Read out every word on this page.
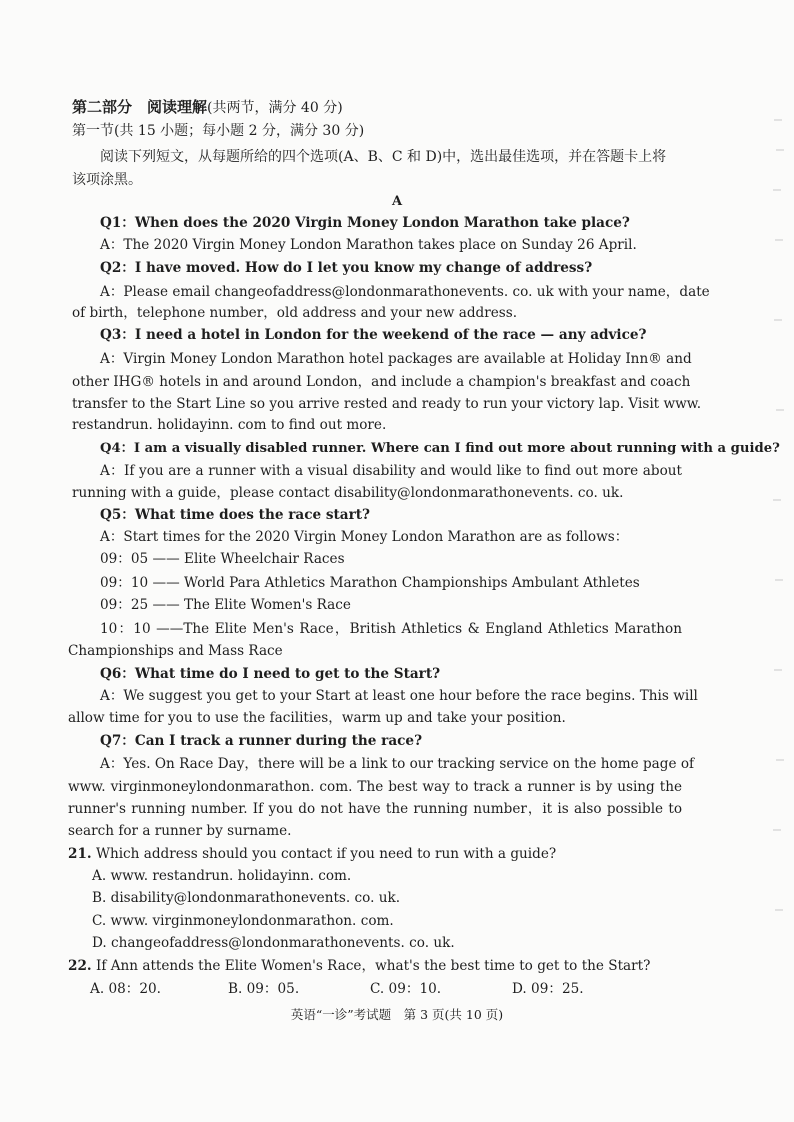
第二部分　阅读理解(共两节，满分 40 分)
第一节(共 15 小题；每小题 2 分，满分 30 分)
阅读下列短文，从每题所给的四个选项(A、B、C 和 D)中，选出最佳选项，并在答题卡上将
该项涂黑。
A
Q1：When does the 2020 Virgin Money London Marathon take place?
A：The 2020 Virgin Money London Marathon takes place on Sunday 26 April.
Q2：I have moved. How do I let you know my change of address?
A：Please email changeofaddress@londonmarathonevents. co. uk with your name，date
of birth，telephone number，old address and your new address.
Q3：I need a hotel in London for the weekend of the race — any advice?
A：Virgin Money London Marathon hotel packages are available at Holiday Inn® and
other IHG® hotels in and around London，and include a champion's breakfast and coach
transfer to the Start Line so you arrive rested and ready to run your victory lap. Visit www.
restandrun. holidayinn. com to find out more.
Q4：I am a visually disabled runner. Where can I find out more about running with a guide?
A：If you are a runner with a visual disability and would like to find out more about
running with a guide，please contact disability@londonmarathonevents. co. uk.
Q5：What time does the race start?
A：Start times for the 2020 Virgin Money London Marathon are as follows：
09：05 —— Elite Wheelchair Races
09：10 —— World Para Athletics Marathon Championships Ambulant Athletes
09：25 —— The Elite Women's Race
10：10 ——The Elite Men's Race，British Athletics & England Athletics Marathon
Championships and Mass Race
Q6：What time do I need to get to the Start?
A：We suggest you get to your Start at least one hour before the race begins. This will
allow time for you to use the facilities，warm up and take your position.
Q7：Can I track a runner during the race?
A：Yes. On Race Day，there will be a link to our tracking service on the home page of
www. virginmoneylondonmarathon. com. The best way to track a runner is by using the
runner's running number. If you do not have the running number，it is also possible to
search for a runner by surname.
21. Which address should you contact if you need to run with a guide?
A. www. restandrun. holidayinn. com.
B. disability@londonmarathonevents. co. uk.
C. www. virginmoneylondonmarathon. com.
D. changeofaddress@londonmarathonevents. co. uk.
22. If Ann attends the Elite Women's Race，what's the best time to get to the Start?
A. 08：20.	B. 09：05.	C. 09：10.	D. 09：25.
英语“一诊”考试题　第 3 页(共 10 页)
